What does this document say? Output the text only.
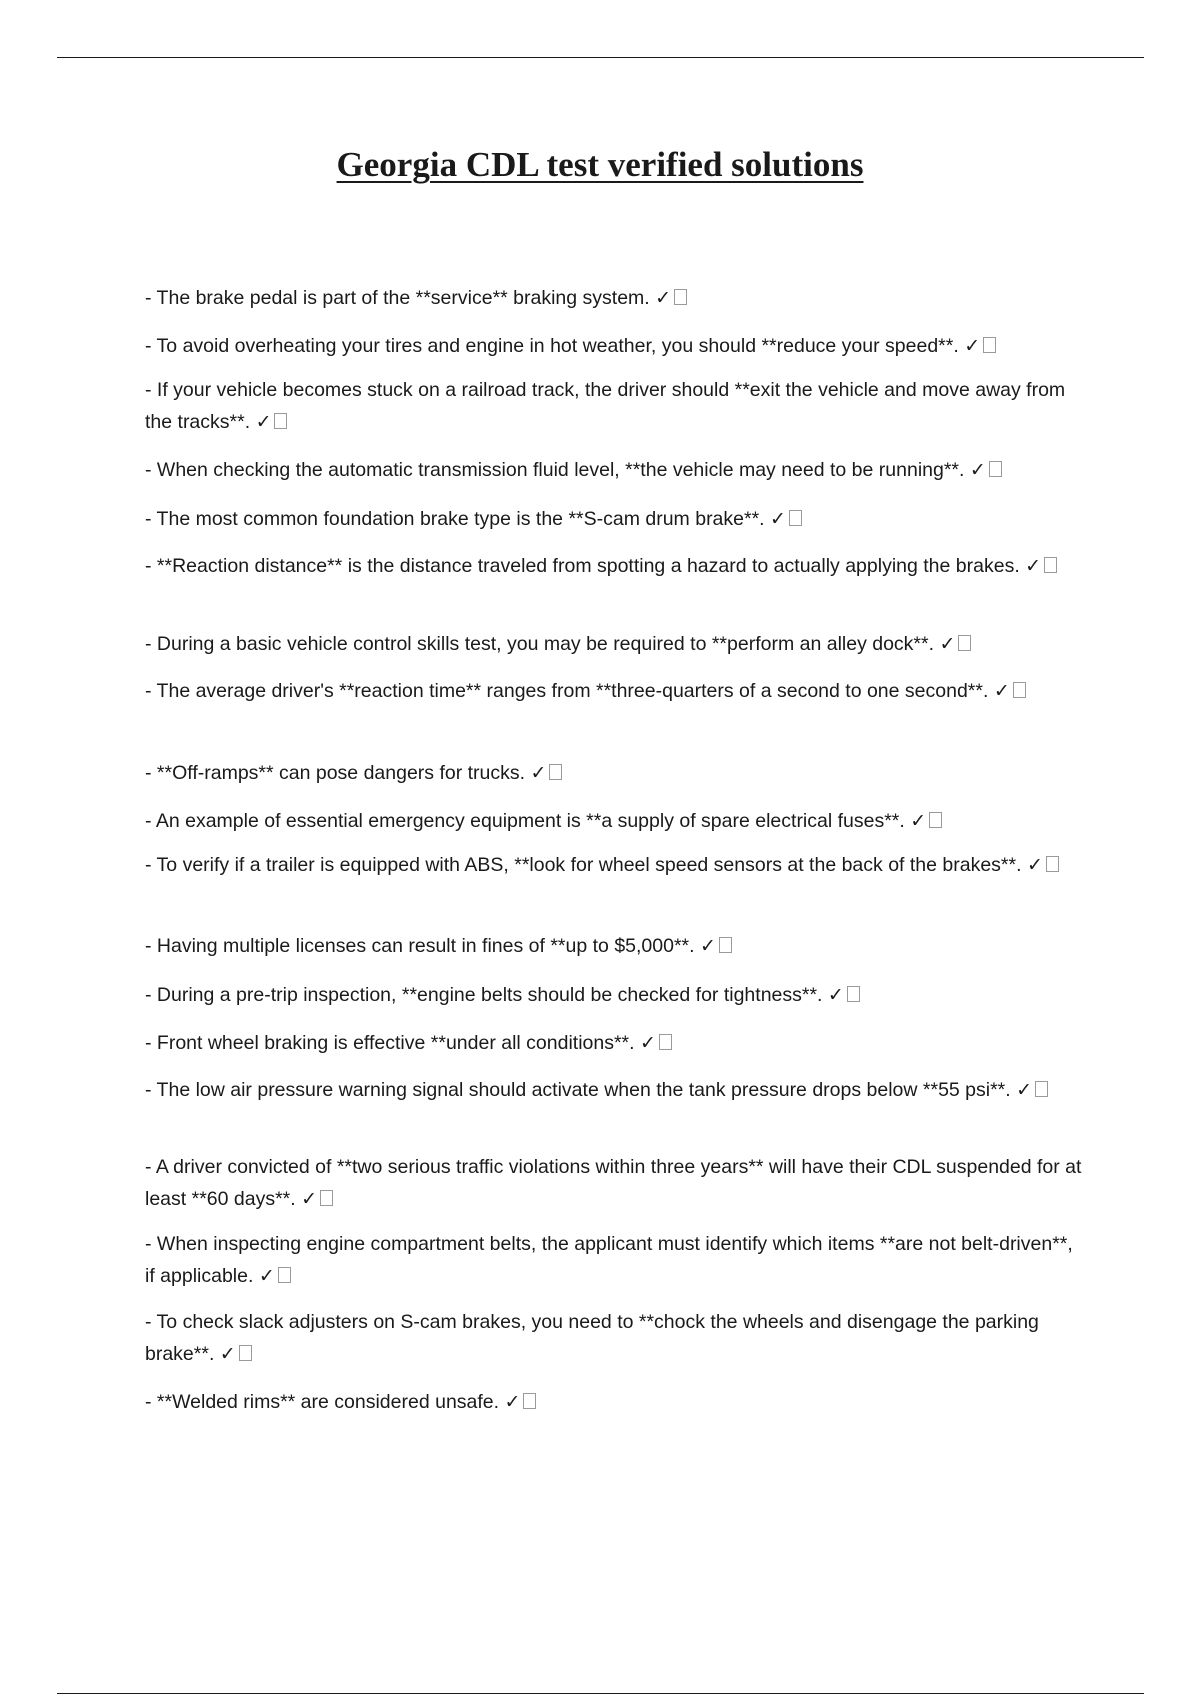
Georgia CDL test verified solutions
- The brake pedal is part of the **service** braking system. ✓
- To avoid overheating your tires and engine in hot weather, you should **reduce your speed**. ✓
- If your vehicle becomes stuck on a railroad track, the driver should **exit the vehicle and move away from the tracks**. ✓
- When checking the automatic transmission fluid level, **the vehicle may need to be running**. ✓
- The most common foundation brake type is the **S-cam drum brake**. ✓
- **Reaction distance** is the distance traveled from spotting a hazard to actually applying the brakes. ✓
- During a basic vehicle control skills test, you may be required to **perform an alley dock**. ✓
- The average driver's **reaction time** ranges from **three-quarters of a second to one second**. ✓
- **Off-ramps** can pose dangers for trucks. ✓
- An example of essential emergency equipment is **a supply of spare electrical fuses**. ✓
- To verify if a trailer is equipped with ABS, **look for wheel speed sensors at the back of the brakes**. ✓
- Having multiple licenses can result in fines of **up to $5,000**. ✓
- During a pre-trip inspection, **engine belts should be checked for tightness**. ✓
- Front wheel braking is effective **under all conditions**. ✓
- The low air pressure warning signal should activate when the tank pressure drops below **55 psi**. ✓
- A driver convicted of **two serious traffic violations within three years** will have their CDL suspended for at least **60 days**. ✓
- When inspecting engine compartment belts, the applicant must identify which items **are not belt-driven**, if applicable. ✓
- To check slack adjusters on S-cam brakes, you need to **chock the wheels and disengage the parking brake**. ✓
- **Welded rims** are considered unsafe. ✓
